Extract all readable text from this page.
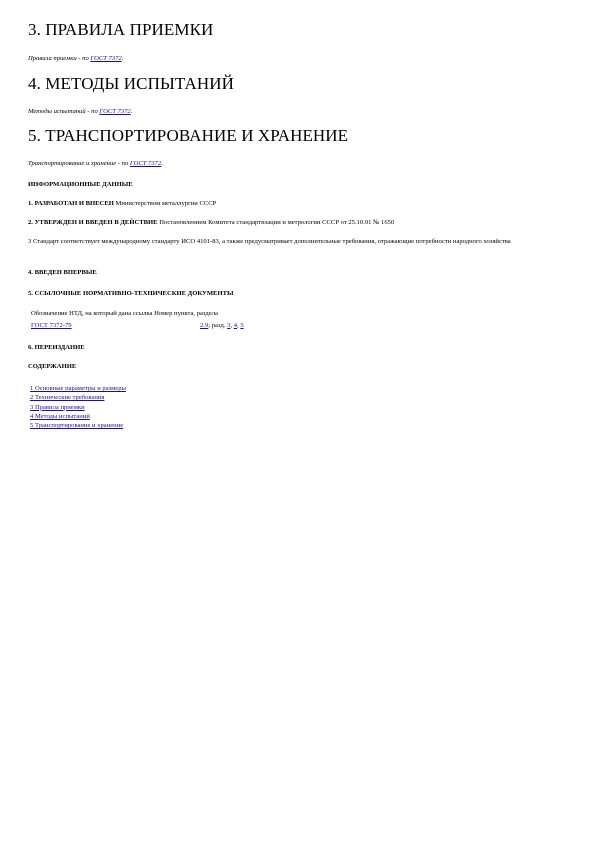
3. ПРАВИЛА ПРИЕМКИ
Правила приемки - по ГОСТ 7372.
4. МЕТОДЫ ИСПЫТАНИЙ
Методы испытаний - по ГОСТ 7372.
5. ТРАНСПОРТИРОВАНИЕ И ХРАНЕНИЕ
Транспортирование и хранение - по ГОСТ 7372.
ИНФОРМАЦИОННЫЕ ДАННЫЕ
1. РАЗРАБОТАН И ВНЕСЕН Министерством металлургии СССР
2. УТВЕРЖДЕН И ВВЕДЕН В ДЕЙСТВИЕ Постановлением Комитета стандартизации и метрологии СССР от 25.10.91 № 1650
3 Стандарт соответствует международному стандарту ИСО 4101-83, а также предусматривает дополнительные требования, отражающие потребности народного хозяйства
4. ВВЕДЕН ВПЕРВЫЕ
5. ССЫЛОЧНЫЕ НОРМАТИВНО-ТЕХНИЧЕСКИЕ ДОКУМЕНТЫ
Обозначение НТД, на который дана ссылка Номер пункта, раздела
ГОСТ 7372-79	2.9; разд. 3, 4, 5
6. ПЕРЕИЗДАНИЕ
СОДЕРЖАНИЕ
1 Основные параметры и размеры
2 Технические требования
3 Правила приемки
4 Методы испытаний
5 Транспортирование и хранение
